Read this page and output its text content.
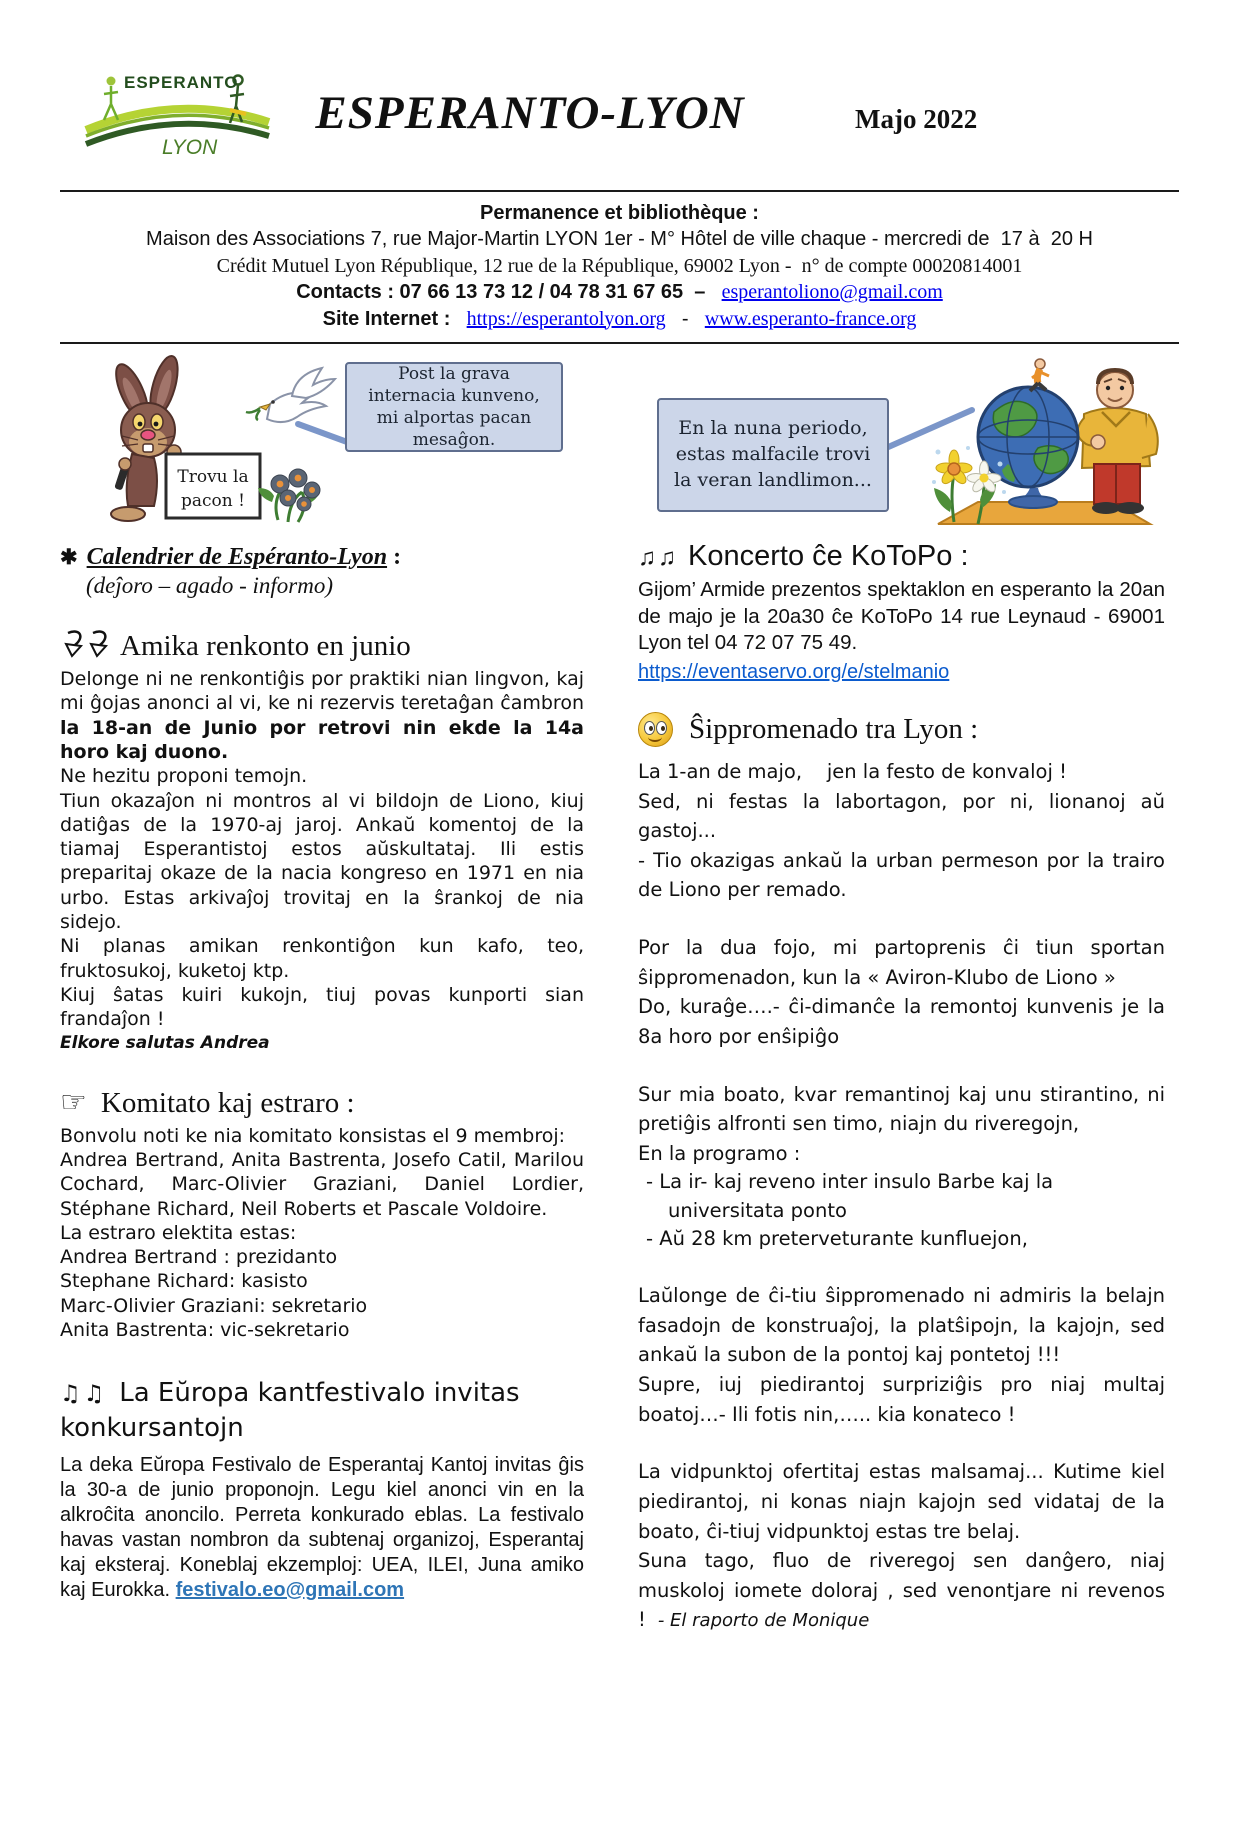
ESPERANTO
LYON
ESPERANTO-LYON	Majo 2022
Permanence et bibliothèque :
Maison des Associations 7, rue Major-Martin LYON 1er - M° Hôtel de ville chaque - mercredi de  17 à  20 H
Crédit Mutuel Lyon République, 12 rue de la République, 69002 Lyon -  n° de compte 00020814001
Contacts : 07 66 13 73 12 / 04 78 31 67 65  – esperantoliono@gmail.com
Site Internet : https://esperantolyon.org - www.esperanto-france.org
Trovu la
pacon !
Post la grava internacia kunveno, mi alportas pacan mesaĝon.
En la nuna periodo, estas malfacile trovi la veran landlimon...
✱ Calendrier de Espéranto-Lyon :
(deĵoro – agado - informo)
Amika renkonto en junio

Delonge ni ne renkontiĝis por praktiki nian lingvon, kaj mi ĝojas anonci al vi, ke ni rezervis teretaĝan ĉambron la 18-an de Junio por retrovi nin ekde la 14a horo kaj duono.

Ne hezitu proponi temojn.

Tiun okazaĵon ni montros al vi bildojn de Liono, kiuj datiĝas de la 1970-aj jaroj. Ankaŭ komentoj de la tiamaj Esperantistoj estos aŭskultataj. Ili estis preparitaj okaze de la nacia kongreso en 1971 en nia urbo. Estas arkivaĵoj trovitaj en la ŝrankoj de nia sidejo.

Ni planas amikan renkontiĝon kun kafo, teo, fruktosukoj, kuketoj ktp.

Kiuj ŝatas kuiri kukojn, tiuj povas kunporti sian frandaĵon !

Elkore salutas Andrea

☞ Komitato kaj estraro :

Bonvolu noti ke nia komitato konsistas el 9 membroj:

Andrea Bertrand, Anita Bastrenta, Josefo Catil, Marilou Cochard, Marc-Olivier Graziani, Daniel Lordier, Stéphane Richard, Neil Roberts et Pascale Voldoire.

La estraro elektita estas:

Andrea Bertrand : prezidanto

Stephane Richard: kasisto

Marc-Olivier Graziani: sekretario

Anita Bastrenta: vic-sekretario

♫♫ La Eŭropa kantfestivalo invitas konkursantojn

La deka Eŭropa Festivalo de Esperantaj Kantoj invitas ĝis la 30-a de junio proponojn. Legu kiel anonci vin en la alkroĉita anoncilo. Perreta konkurado eblas. La festivalo havas vastan nombron da subtenaj organizoj, Esperantaj kaj eksteraj. Koneblaj ekzemploj: UEA, ILEI, Juna amiko kaj Eurokka. festivalo.eo@gmail.com

♫♫ Koncerto ĉe KoToPo :

Gijom’ Armide prezentos spektaklon en esperanto la 20an de majo je la 20a30 ĉe KoToPo 14 rue Leynaud - 69001 Lyon tel 04 72 07 75 49.

https://eventaservo.org/e/stelmanio
Ŝippromenado tra Lyon :

La 1-an de majo,    jen la festo de konvaloj !

Sed, ni festas la labortagon, por ni, lionanoj aŭ gastoj...

- Tio okazigas ankaŭ la urban permeson por la trairo de Liono per remado.

Por la dua fojo, mi partoprenis ĉi tiun sportan ŝippromenadon, kun la « Aviron-Klubo de Liono »

Do, kuraĝe….- ĉi-dimanĉe la remontoj kunvenis je la 8a horo por enŝipiĝo

Sur mia boato, kvar remantinoj kaj unu stirantino, ni pretiĝis alfronti sen timo, niajn du riveregojn,

En la programo :

- La ir- kaj reveno inter insulo Barbe kaj la universitata ponto

- Aŭ 28 km preterveturante kunfluejon,

Laŭlonge de ĉi-tiu ŝippromenado ni admiris la belajn fasadojn de konstruaĵoj, la platŝipojn, la kajojn, sed ankaŭ la subon de la pontoj kaj pontetoj !!!

Supre, iuj piedirantoj surpriziĝis pro niaj multaj boatoj…- Ili fotis nin,….. kia konateco !

La vidpunktoj ofertitaj estas malsamaj... Kutime kiel piedirantoj, ni konas niajn kajojn sed vidataj de la boato, ĉi-tiuj vidpunktoj estas tre belaj.

Suna tago, fluo de riveregoj sen danĝero, niaj muskoloj iomete doloraj , sed venontjare ni revenos ! - El raporto de Monique
